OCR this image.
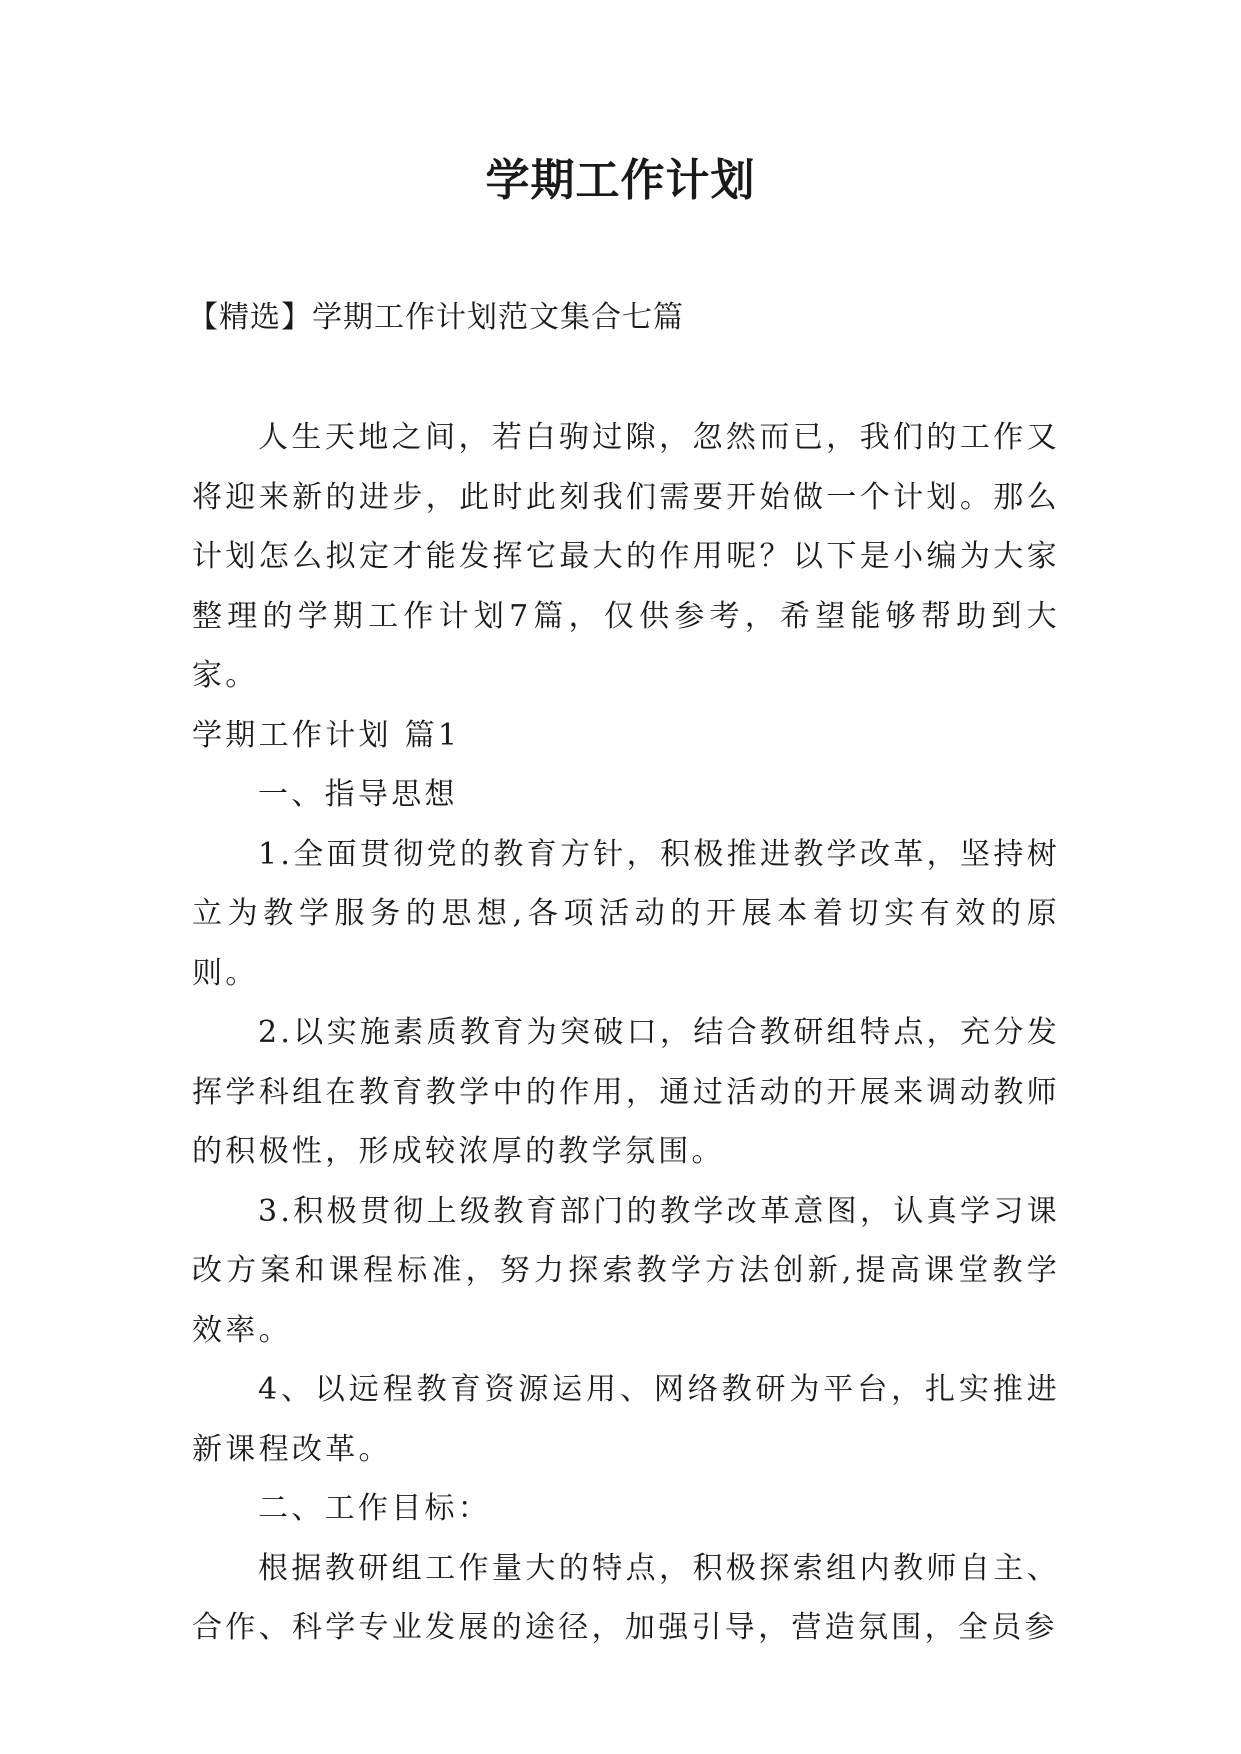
学期工作计划

【精选】学期工作计划范文集合七篇

人生天地之间，若白驹过隙，忽然而已，我们的工作又将迎来新的进步，此时此刻我们需要开始做一个计划。那么计划怎么拟定才能发挥它最大的作用呢？以下是小编为大家整理的学期工作计划7篇，仅供参考，希望能够帮助到大家。

学期工作计划 篇1

一、指导思想

1.全面贯彻党的教育方针，积极推进教学改革，坚持树立为教学服务的思想,各项活动的开展本着切实有效的原则。

2.以实施素质教育为突破口，结合教研组特点，充分发挥学科组在教育教学中的作用，通过活动的开展来调动教师的积极性，形成较浓厚的教学氛围。

3.积极贯彻上级教育部门的教学改革意图，认真学习课改方案和课程标准，努力探索教学方法创新,提高课堂教学效率。

4、以远程教育资源运用、网络教研为平台，扎实推进新课程改革。

二、工作目标：

根据教研组工作量大的特点，积极探索组内教师自主、合作、科学专业发展的途径，加强引导，营造氛围，全员参
